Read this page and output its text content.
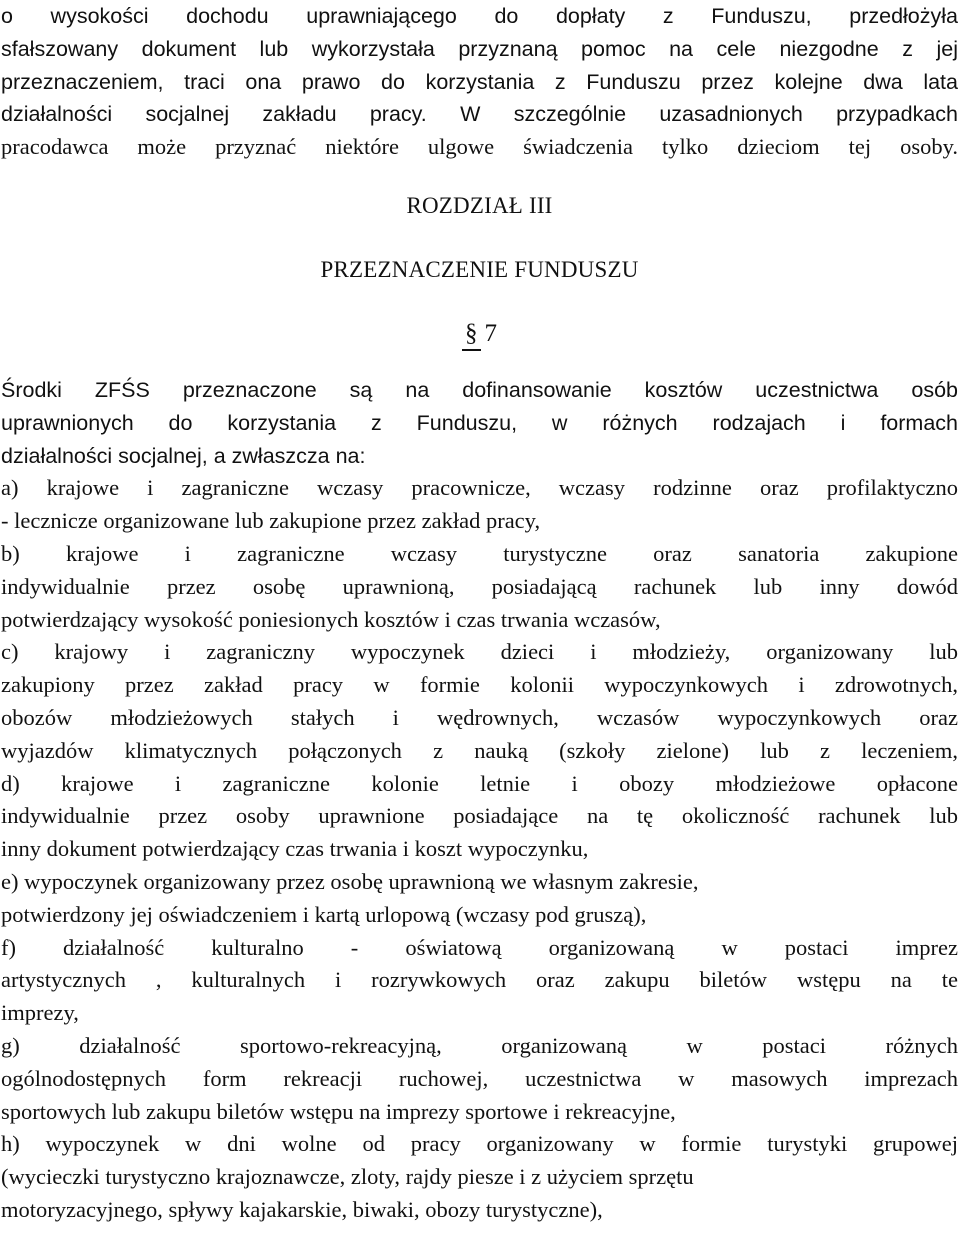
o wysokości dochodu uprawniającego do dopłaty z Funduszu, przedłożyła
sfałszowany dokument lub wykorzystała przyznaną pomoc na cele niezgodne z jej
przeznaczeniem, traci ona prawo do korzystania z Funduszu przez kolejne dwa lata
działalności socjalnej zakładu pracy. W szczególnie uzasadnionych przypadkach
pracodawca może przyznać niektóre ulgowe świadczenia tylko dzieciom tej osoby.
ROZDZIAŁ III
PRZEZNACZENIE FUNDUSZU
§ 7
Środki ZFŚS przeznaczone są na dofinansowanie kosztów uczestnictwa osób
uprawnionych do korzystania z Funduszu, w różnych rodzajach i formach
działalności socjalnej, a zwłaszcza na:
a) krajowe i zagraniczne wczasy pracownicze, wczasy rodzinne oraz profilaktyczno
- lecznicze organizowane lub zakupione przez zakład pracy,
b) krajowe i zagraniczne wczasy turystyczne oraz sanatoria zakupione
indywidualnie przez osobę uprawnioną, posiadającą rachunek lub inny dowód
potwierdzający wysokość poniesionych kosztów i czas trwania wczasów,
c) krajowy i zagraniczny wypoczynek dzieci i młodzieży, organizowany lub
zakupiony przez zakład pracy w formie kolonii wypoczynkowych i zdrowotnych,
obozów młodzieżowych stałych i wędrownych, wczasów wypoczynkowych oraz
wyjazdów klimatycznych połączonych z nauką (szkoły zielone) lub z leczeniem,
d) krajowe i zagraniczne kolonie letnie i obozy młodzieżowe opłacone
indywidualnie przez osoby uprawnione posiadające na tę okoliczność rachunek lub
inny dokument potwierdzający czas trwania i koszt wypoczynku,
e) wypoczynek organizowany przez osobę uprawnioną we własnym zakresie,
potwierdzony jej oświadczeniem i kartą urlopową (wczasy pod gruszą),
f) działalność kulturalno - oświatową organizowaną w postaci imprez
artystycznych , kulturalnych i rozrywkowych oraz zakupu biletów wstępu na te
imprezy,
g) działalność sportowo-rekreacyjną, organizowaną w postaci różnych
ogólnodostępnych form rekreacji ruchowej, uczestnictwa w masowych imprezach
sportowych lub zakupu biletów wstępu na imprezy sportowe i rekreacyjne,
h) wypoczynek w dni wolne od pracy organizowany w formie turystyki grupowej
(wycieczki turystyczno krajoznawcze, zloty, rajdy piesze i z użyciem sprzętu
motoryzacyjnego, spływy kajakarskie, biwaki, obozy turystyczne),
